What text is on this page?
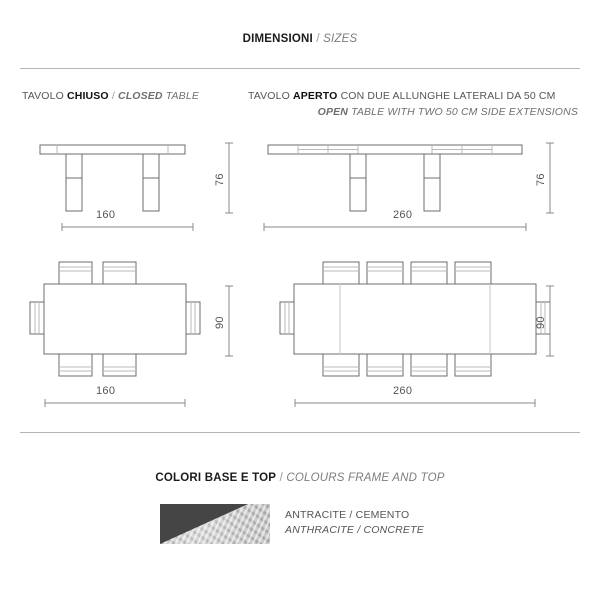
DIMENSIONI / SIZES
TAVOLO CHIUSO / CLOSED TABLE	TAVOLO APERTO CON DUE ALLUNGHE LATERALI DA 50 CM
OPEN TABLE WITH TWO 50 CM SIDE EXTENSIONS
160
76
260
76
160
90
260
90
COLORI BASE E TOP / COLOURS FRAME AND TOP
ANTRACITE / CEMENTO
ANTHRACITE / CONCRETE
